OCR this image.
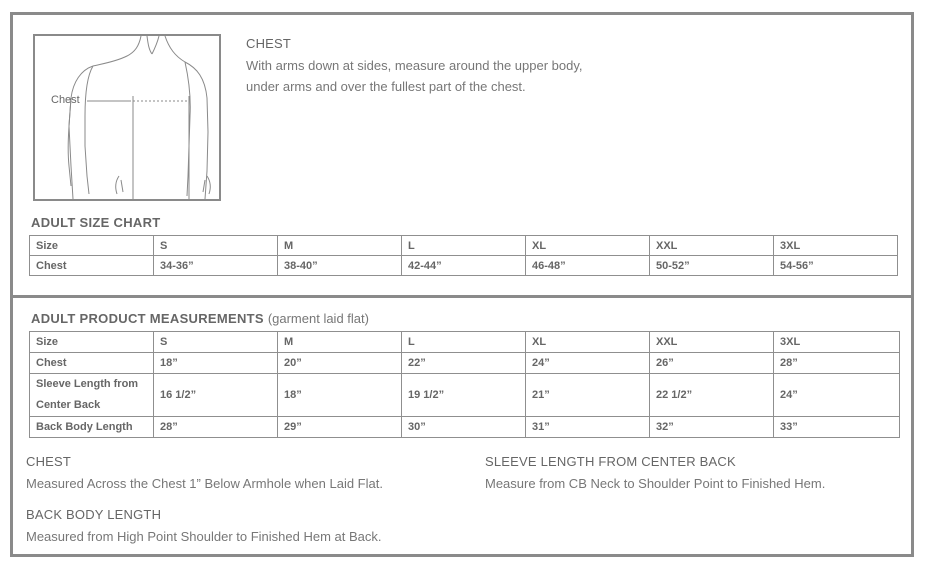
Chest
CHEST
With arms down at sides, measure around the upper body,
under arms and over the fullest part of the chest.
ADULT SIZE CHART
Size	S	M	L	XL	XXL	3XL
Chest	34-36”	38-40”	42-44”	46-48”	50-52”	54-56”
ADULT PRODUCT MEASUREMENTS (garment laid flat)
Size	S	M	L	XL	XXL	3XL
Chest	18”	20”	22”	24”	26”	28”
Sleeve Length from Center Back	16 1/2”	18”	19 1/2”	21”	22 1/2”	24”
Back Body Length	28”	29”	30”	31”	32”	33”
CHEST
Measured Across the Chest 1” Below Armhole when Laid Flat.
SLEEVE LENGTH FROM CENTER BACK
Measure from CB Neck to Shoulder Point to Finished Hem.
BACK BODY LENGTH
Measured from High Point Shoulder to Finished Hem at Back.
